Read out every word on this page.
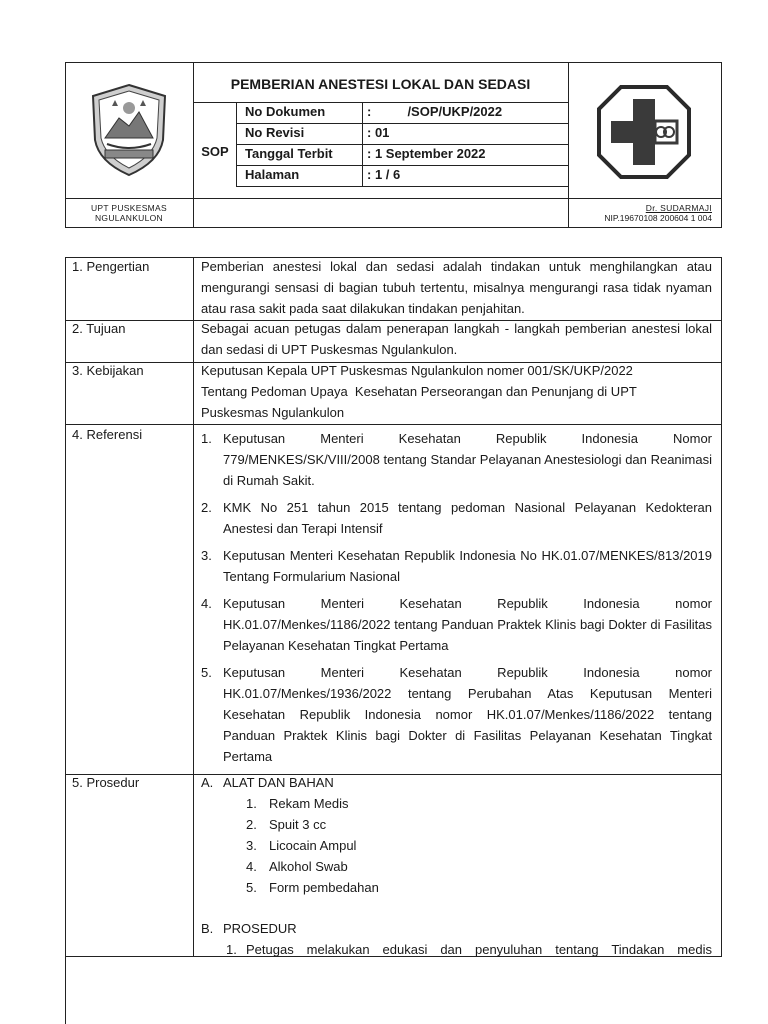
PEMBERIAN ANESTESI LOKAL DAN SEDASI
SOP
No Dokumen	:          /SOP/UKP/2022
No Revisi	: 01
Tanggal Terbit	: 1 September 2022
Halaman	: 1 / 6
UPT PUSKESMAS
NGULANKULON
Dr. SUDARMAJI
NIP.19670108 200604 1 004
1. Pengertian	Pemberian anestesi lokal dan sedasi adalah tindakan untuk menghilangkan atau mengurangi sensasi di bagian tubuh tertentu, misalnya mengurangi rasa tidak nyaman atau rasa sakit pada saat dilakukan tindakan penjahitan.
2. Tujuan	Sebagai acuan petugas dalam penerapan langkah - langkah pemberian anestesi lokal dan sedasi di UPT Puskesmas Ngulankulon.
3. Kebijakan	Keputusan Kepala UPT Puskesmas Ngulankulon nomer 001/SK/UKP/2022
Tentang Pedoman Upaya  Kesehatan Perseorangan dan Penunjang di UPT
Puskesmas Ngulankulon
4. Referensi	1. Keputusan Menteri Kesehatan Republik Indonesia Nomor 779/MENKES/SK/VIII/2008 tentang Standar Pelayanan Anestesiologi dan Reanimasi di Rumah Sakit.
2. KMK No 251 tahun 2015 tentang pedoman Nasional Pelayanan Kedokteran Anestesi dan Terapi Intensif
3. Keputusan Menteri Kesehatan Republik Indonesia No HK.01.07/MENKES/813/2019 Tentang Formularium Nasional
4. Keputusan Menteri Kesehatan Republik Indonesia nomor HK.01.07/Menkes/1186/2022 tentang Panduan Praktek Klinis bagi Dokter di Fasilitas Pelayanan Kesehatan Tingkat Pertama
5. Keputusan Menteri Kesehatan Republik Indonesia nomor HK.01.07/Menkes/1936/2022 tentang Perubahan Atas Keputusan Menteri Kesehatan Republik Indonesia nomor HK.01.07/Menkes/1186/2022 tentang Panduan Praktek Klinis bagi Dokter di Fasilitas Pelayanan Kesehatan Tingkat Pertama
5. Prosedur	A. ALAT DAN BAHAN
1. Rekam Medis
2. Spuit 3 cc
3. Licocain Ampul
4. Alkohol Swab
5. Form pembedahan
B. PROSEDUR
1. Petugas melakukan edukasi dan penyuluhan tentang Tindakan medis
